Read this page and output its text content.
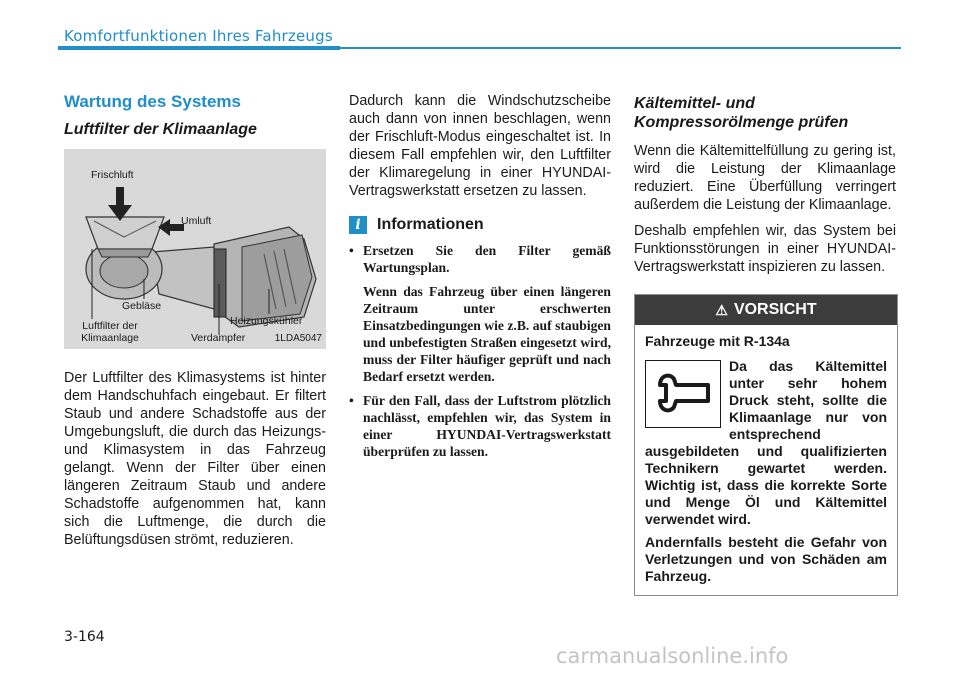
Komfortfunktionen Ihres Fahrzeugs
Wartung des Systems
Luftfilter der Klimaanlage
Frischluft
Umluft
Gebläse
Luftfilter der Klimaanlage	Verdampfer
Heizungskühler
1LDA5047

Der Luftfilter des Klimasystems ist hinter dem Handschuhfach eingebaut. Er filtert Staub und andere Schadstoffe aus der Umgebungsluft, die durch das Heizungs- und Klimasystem in das Fahrzeug gelangt. Wenn der Filter über einen längeren Zeitraum Staub und andere Schadstoffe aufgenommen hat, kann sich die Luftmenge, die durch die Belüftungsdüsen strömt, reduzieren.

Dadurch kann die Windschutzscheibe auch dann von innen beschlagen, wenn der Frischluft-Modus eingeschaltet ist. In diesem Fall empfehlen wir, den Luftfilter der Klimaregelung in einer HYUNDAI-Vertragswerkstatt ersetzen zu lassen.

i	Informationen
• Ersetzen Sie den Filter gemäß Wartungsplan.

Wenn das Fahrzeug über einen längeren Zeitraum unter erschwerten Einsatzbedingungen wie z.B. auf staubigen und unbefestigten Straßen eingesetzt wird, muss der Filter häufiger geprüft und nach Bedarf ersetzt werden.

• Für den Fall, dass der Luftstrom plötzlich nachlässt, empfehlen wir, das System in einer HYUNDAI-Vertragswerkstatt überprüfen zu lassen.

Kältemittel- und Kompressorölmenge prüfen

Wenn die Kältemittelfüllung zu gering ist, wird die Leistung der Klimaanlage reduziert. Eine Überfüllung verringert außerdem die Leistung der Klimaanlage.

Deshalb empfehlen wir, das System bei Funktionsstörungen in einer HYUNDAI-Vertragswerkstatt inspizieren zu lassen.

⚠ VORSICHT

Fahrzeuge mit R-134a

Da das Kältemittel unter sehr hohem Druck steht, sollte die Klimaanlage nur von entsprechend ausgebildeten und qualifizierten Technikern gewartet werden. Wichtig ist, dass die korrekte Sorte und Menge Öl und Kältemittel verwendet wird.

Andernfalls besteht die Gefahr von Verletzungen und von Schäden am Fahrzeug.

3-164
carmanualsonline.info
